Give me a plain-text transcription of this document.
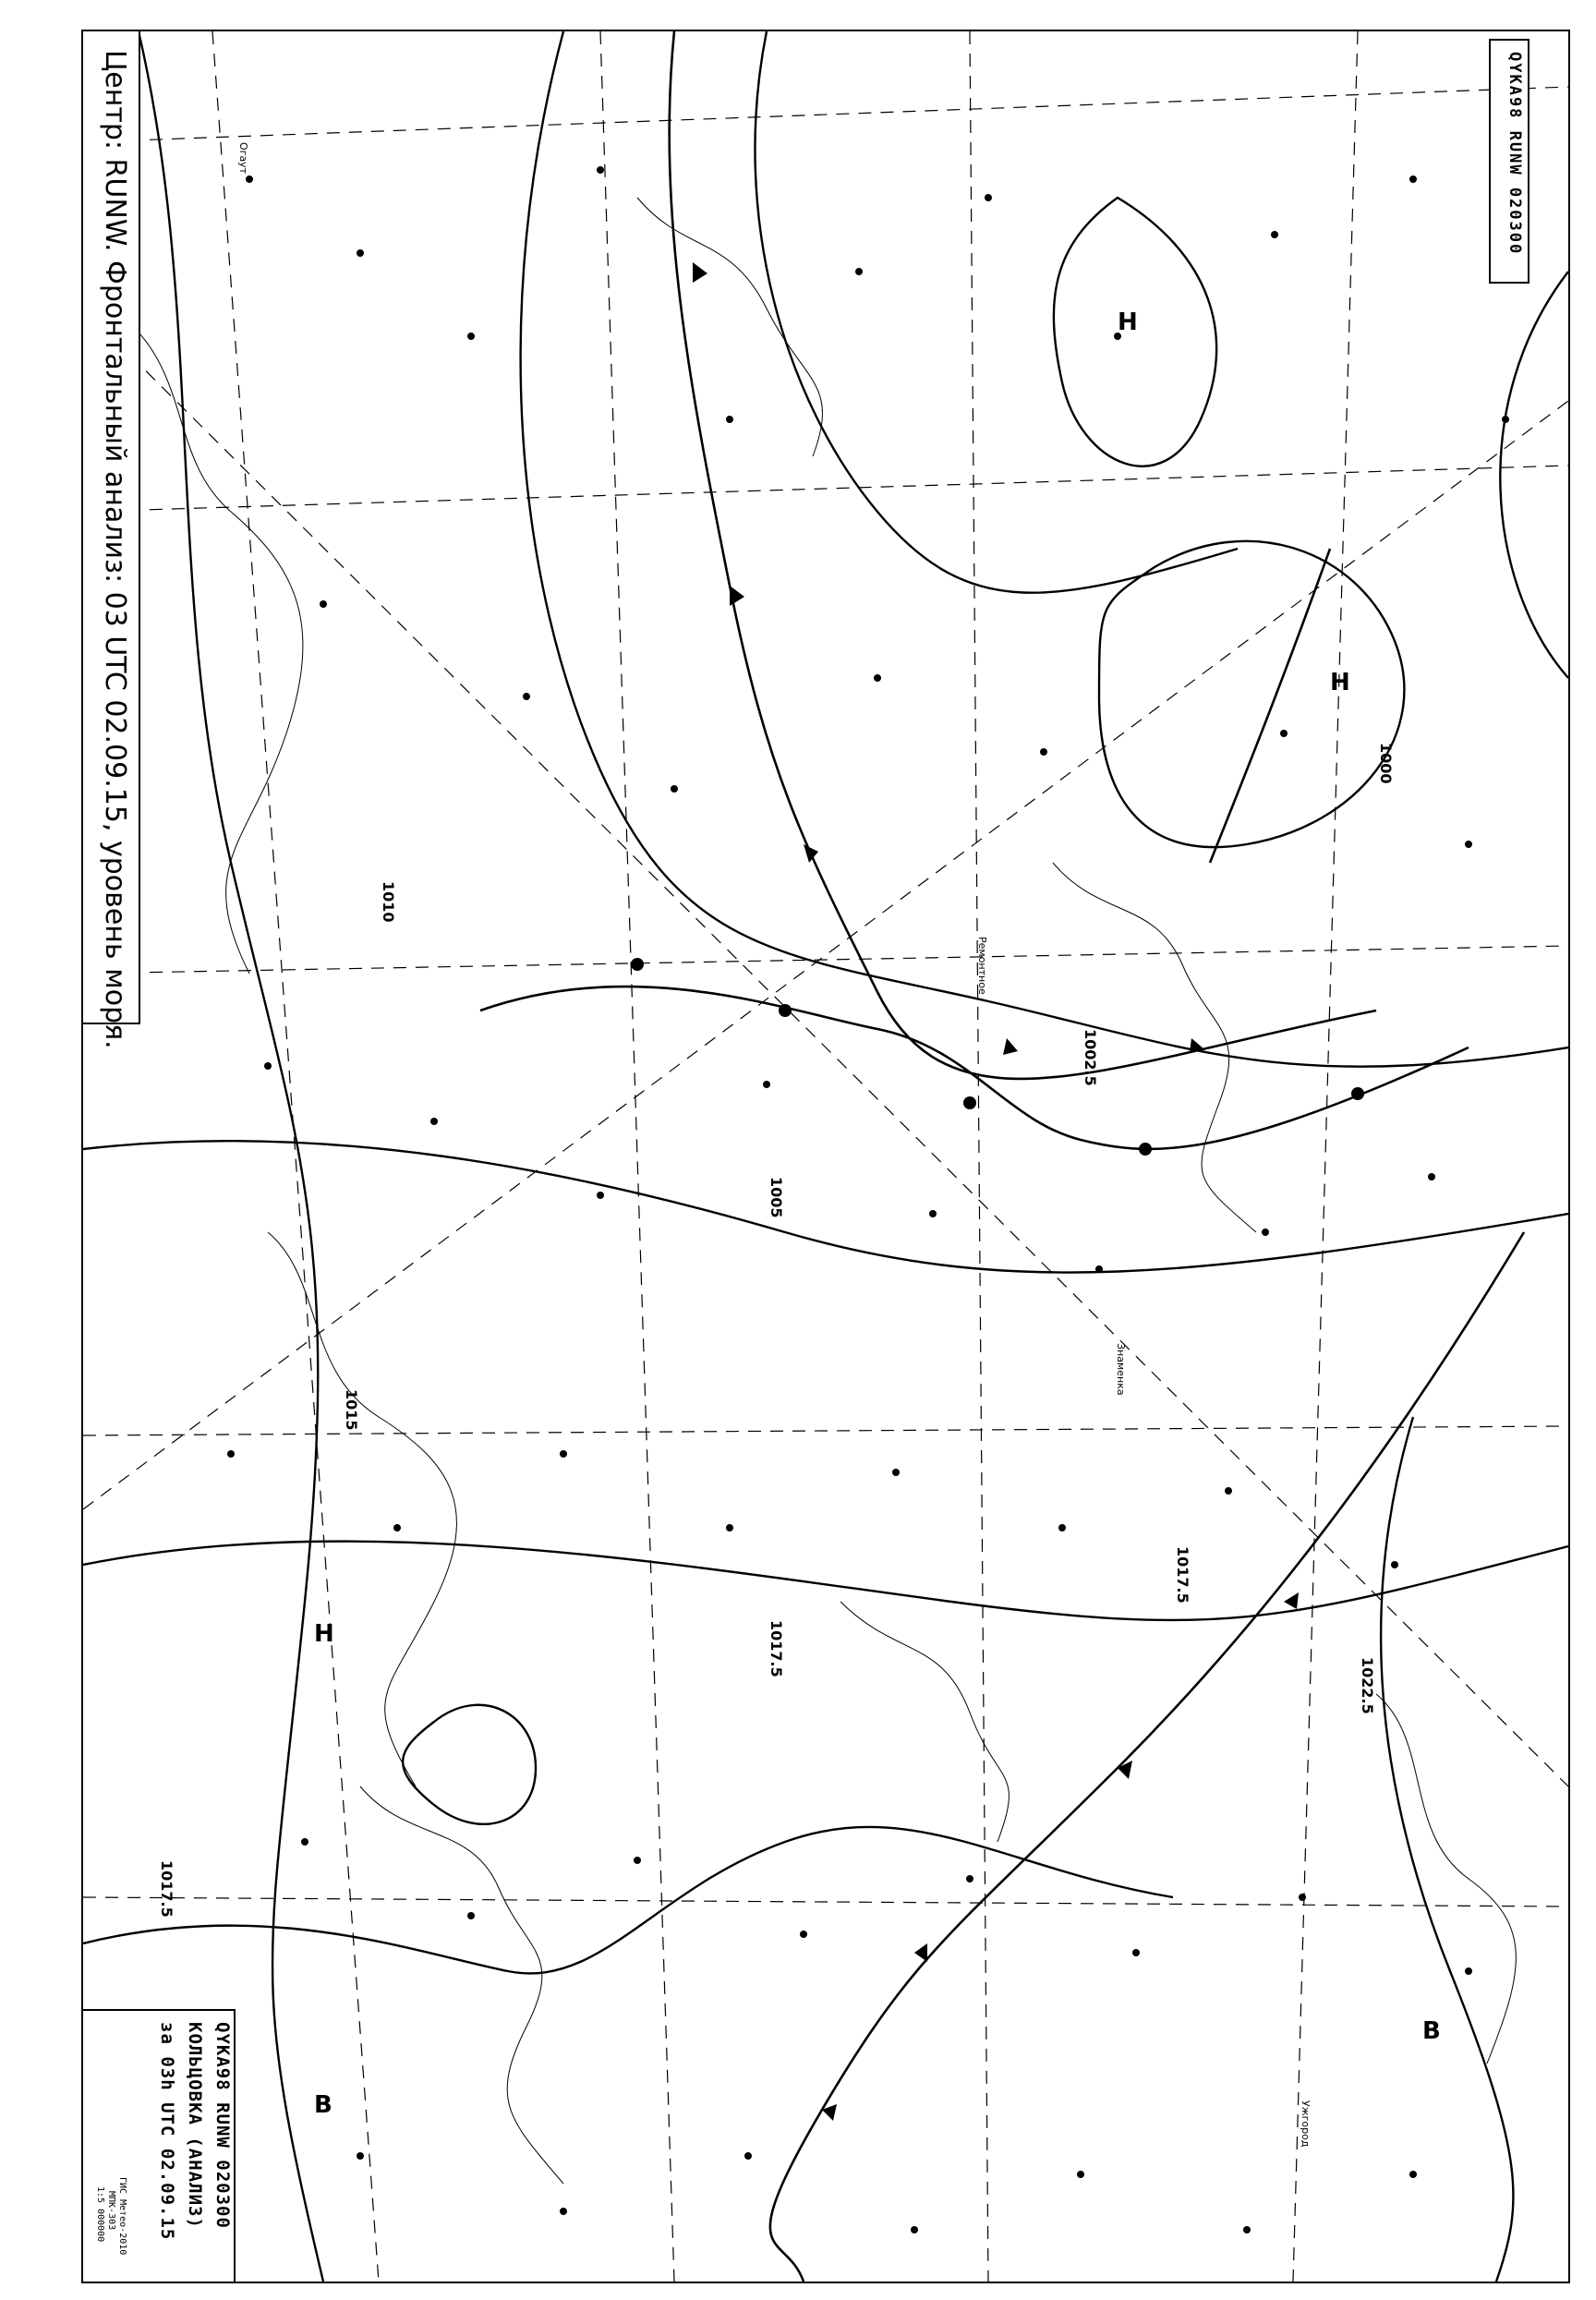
1000
1002.5
1005
1010
1015
1017.5
1017.5
1017.5
1022.5
Н
Н
Н
В
В
Огаут
Ремонтное
Знаменка
Ужгород
Центр: RUNW. Фронтальный анализ: 03 UTC 02.09.15, уровень моря.	QYKA98 RUNW 020300
QYKA98 RUNW 020300
КОЛЬЦОВКА (АНАЛИЗ)
за 03h UTC 02.09.15
ГИС Метео-2010
МПК-303
1:5 000000
